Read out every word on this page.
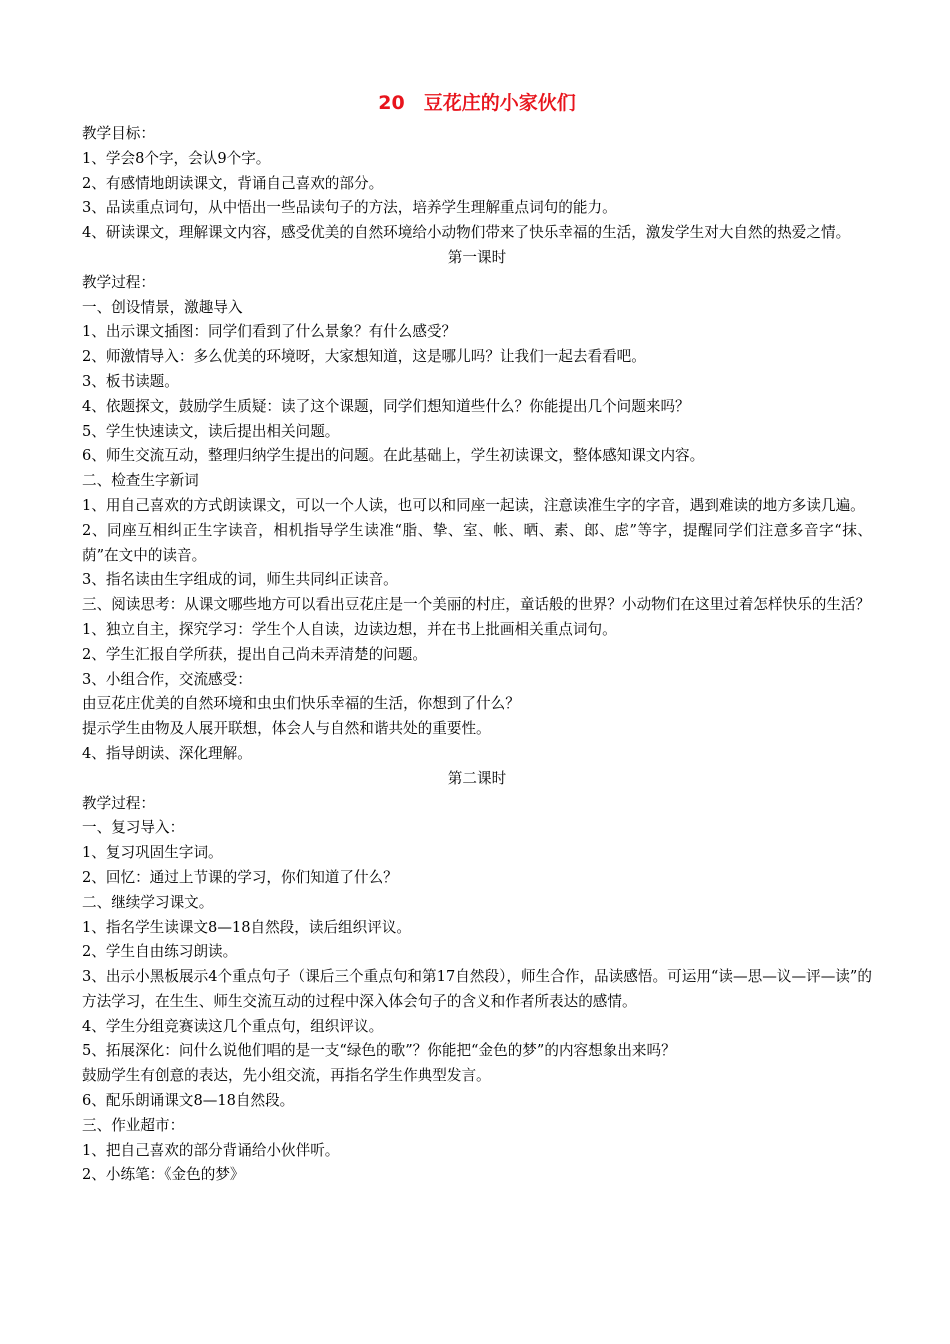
20　豆花庄的小家伙们

教学目标：

1、学会8个字，会认9个字。

2、有感情地朗读课文，背诵自己喜欢的部分。

3、品读重点词句，从中悟出一些品读句子的方法，培养学生理解重点词句的能力。

4、研读课文，理解课文内容，感受优美的自然环境给小动物们带来了快乐幸福的生活，激发学生对大自然的热爱之情。

第一课时

教学过程：

一、创设情景，激趣导入

1、出示课文插图：同学们看到了什么景象？有什么感受？

2、师激情导入：多么优美的环境呀，大家想知道，这是哪儿吗？让我们一起去看看吧。

3、板书读题。

4、依题探文，鼓励学生质疑：读了这个课题，同学们想知道些什么？你能提出几个问题来吗？

5、学生快速读文，读后提出相关问题。

6、师生交流互动，整理归纳学生提出的问题。在此基础上，学生初读课文，整体感知课文内容。

二、检查生字新词

1、用自己喜欢的方式朗读课文，可以一个人读，也可以和同座一起读，注意读准生字的字音，遇到难读的地方多读几遍。

2、同座互相纠正生字读音，相机指导学生读准“脂、挚、室、帐、晒、素、郎、虑”等字，提醒同学们注意多音字“抹、荫”在文中的读音。

3、指名读由生字组成的词，师生共同纠正读音。

三、阅读思考：从课文哪些地方可以看出豆花庄是一个美丽的村庄，童话般的世界？小动物们在这里过着怎样快乐的生活？

1、独立自主，探究学习：学生个人自读，边读边想，并在书上批画相关重点词句。

2、学生汇报自学所获，提出自己尚未弄清楚的问题。

3、小组合作，交流感受：

由豆花庄优美的自然环境和虫虫们快乐幸福的生活，你想到了什么？

提示学生由物及人展开联想，体会人与自然和谐共处的重要性。

4、指导朗读、深化理解。

第二课时

教学过程：

一、复习导入：

1、复习巩固生字词。

2、回忆：通过上节课的学习，你们知道了什么？

二、继续学习课文。

1、指名学生读课文8—18自然段，读后组织评议。

2、学生自由练习朗读。

3、出示小黑板展示4个重点句子（课后三个重点句和第17自然段），师生合作，品读感悟。可运用“读—思—议—评—读”的方法学习，在生生、师生交流互动的过程中深入体会句子的含义和作者所表达的感情。

4、学生分组竞赛读这几个重点句，组织评议。

5、拓展深化：问什么说他们唱的是一支“绿色的歌”？你能把“金色的梦”的内容想象出来吗？

鼓励学生有创意的表达，先小组交流，再指名学生作典型发言。

6、配乐朗诵课文8—18自然段。

三、作业超市：

1、把自己喜欢的部分背诵给小伙伴听。

2、小练笔：《金色的梦》
